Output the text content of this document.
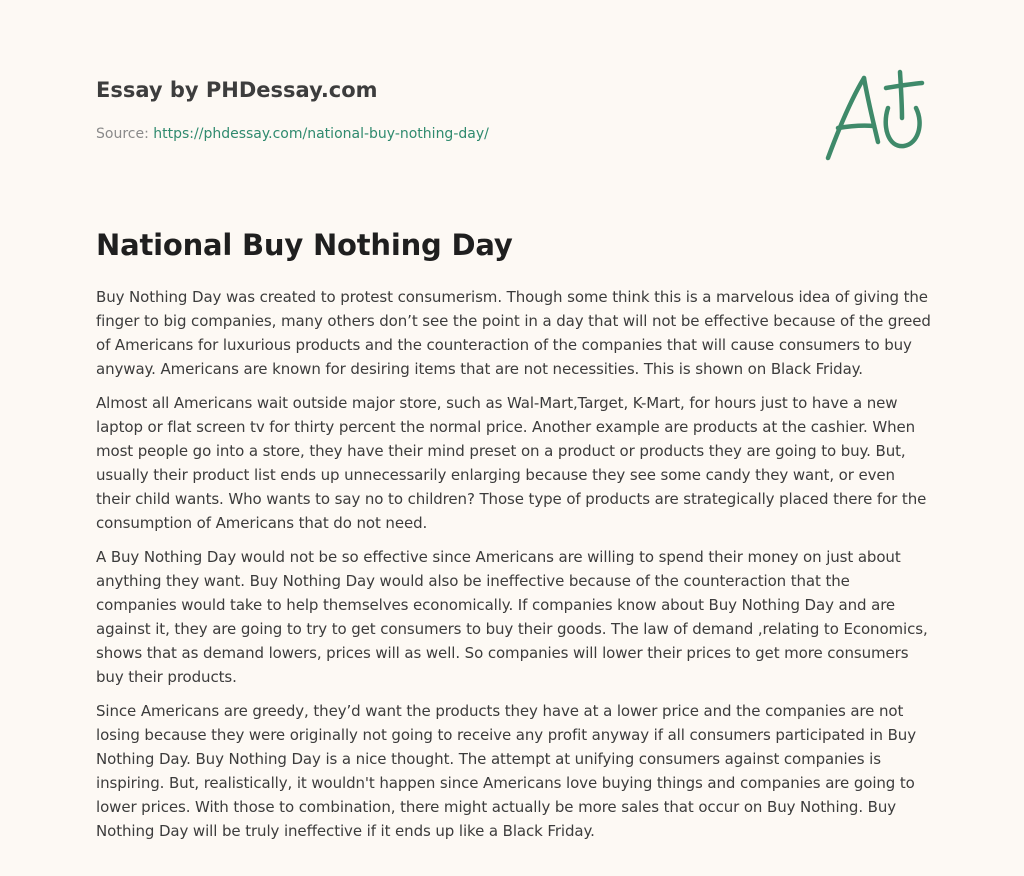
Essay by PHDessay.com
Source: https://phdessay.com/national-buy-nothing-day/
National Buy Nothing Day

Buy Nothing Day was created to protest consumerism. Though some think this is a marvelous idea of giving the finger to big companies, many others don’t see the point in a day that will not be effective because of the greed of Americans for luxurious products and the counteraction of the companies that will cause consumers to buy anyway. Americans are known for desiring items that are not necessities. This is shown on Black Friday.

Almost all Americans wait outside major store, such as Wal-Mart,Target, K-Mart, for hours just to have a new laptop or flat screen tv for thirty percent the normal price. Another example are products at the cashier. When most people go into a store, they have their mind preset on a product or products they are going to buy. But, usually their product list ends up unnecessarily enlarging because they see some candy they want, or even their child wants. Who wants to say no to children? Those type of products are strategically placed there for the consumption of Americans that do not need.

A Buy Nothing Day would not be so effective since Americans are willing to spend their money on just about anything they want. Buy Nothing Day would also be ineffective because of the counteraction that the companies would take to help themselves economically. If companies know about Buy Nothing Day and are against it, they are going to try to get consumers to buy their goods. The law of demand ,relating to Economics, shows that as demand lowers, prices will as well. So companies will lower their prices to get more consumers buy their products.

Since Americans are greedy, they’d want the products they have at a lower price and the companies are not losing because they were originally not going to receive any profit anyway if all consumers participated in Buy Nothing Day. Buy Nothing Day is a nice thought. The attempt at unifying consumers against companies is inspiring. But, realistically, it wouldn't happen since Americans love buying things and companies are going to lower prices. With those to combination, there might actually be more sales that occur on Buy Nothing. Buy Nothing Day will be truly ineffective if it ends up like a Black Friday.
